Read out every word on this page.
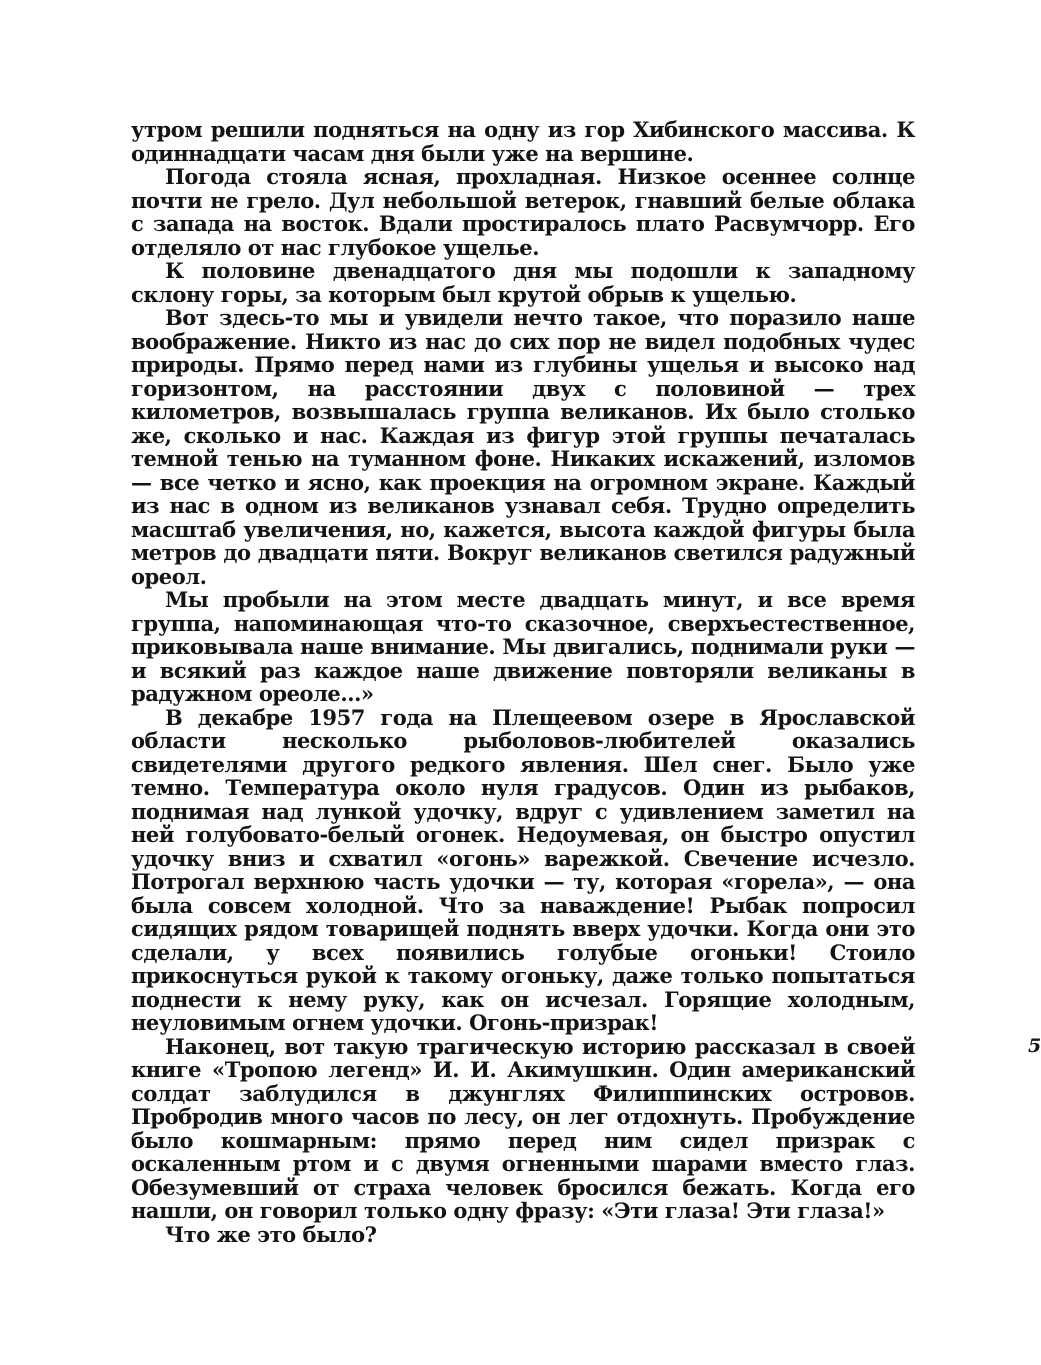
утром решили подняться на одну из гор Хибинского массива. К одиннадцати часам дня были уже на вершине.

Погода стояла ясная, прохладная. Низкое осеннее солнце почти не грело. Дул небольшой ветерок, гнавший белые облака с запада на восток. Вдали простиралось плато Расвумчорр. Его отделяло от нас глубокое ущелье.

К половине двенадцатого дня мы подошли к западному склону горы, за которым был крутой обрыв к ущелью.

Вот здесь-то мы и увидели нечто такое, что поразило наше воображение. Никто из нас до сих пор не видел подобных чудес природы. Прямо перед нами из глубины ущелья и высоко над горизонтом, на расстоянии двух с половиной — трех километров, возвышалась группа великанов. Их было столько же, сколько и нас. Каждая из фигур этой группы печаталась темной тенью на туманном фоне. Никаких искажений, изломов — все четко и ясно, как проекция на огромном экране. Каждый из нас в одном из великанов узнавал себя. Трудно определить масштаб увеличения, но, кажется, высота каждой фигуры была метров до двадцати пяти. Вокруг великанов светился радужный ореол.

Мы пробыли на этом месте двадцать минут, и все время группа, напоминающая что-то сказочное, сверхъестественное, приковывала наше внимание. Мы двигались, поднимали руки — и всякий раз каждое наше движение повторяли великаны в радужном ореоле...»

В декабре 1957 года на Плещеевом озере в Ярославской области несколько рыболовов-любителей оказались свидетелями другого редкого явления. Шел снег. Было уже темно. Температура около нуля градусов. Один из рыбаков, поднимая над лункой удочку, вдруг с удивлением заметил на ней голубовато-белый огонек. Недоумевая, он быстро опустил удочку вниз и схватил «огонь» варежкой. Свечение исчезло. Потрогал верхнюю часть удочки — ту, которая «горела», — она была совсем холодной. Что за наваждение! Рыбак попросил сидящих рядом товарищей поднять вверх удочки. Когда они это сделали, у всех появились голубые огоньки! Стоило прикоснуться рукой к такому огоньку, даже только попытаться поднести к нему руку, как он исчезал. Горящие холодным, неуловимым огнем удочки. Огонь-призрак!

Наконец, вот такую трагическую историю рассказал в своей книге «Тропою легенд» И. И. Акимушкин. Один американский солдат заблудился в джунглях Филиппинских островов. Пробродив много часов по лесу, он лег отдохнуть. Пробуждение было кошмарным: прямо перед ним сидел призрак с оскаленным ртом и с двумя огненными шарами вместо глаз. Обезумевший от страха человек бросился бежать. Когда его нашли, он говорил только одну фразу: «Эти глаза! Эти глаза!»

Что же это было?

5
